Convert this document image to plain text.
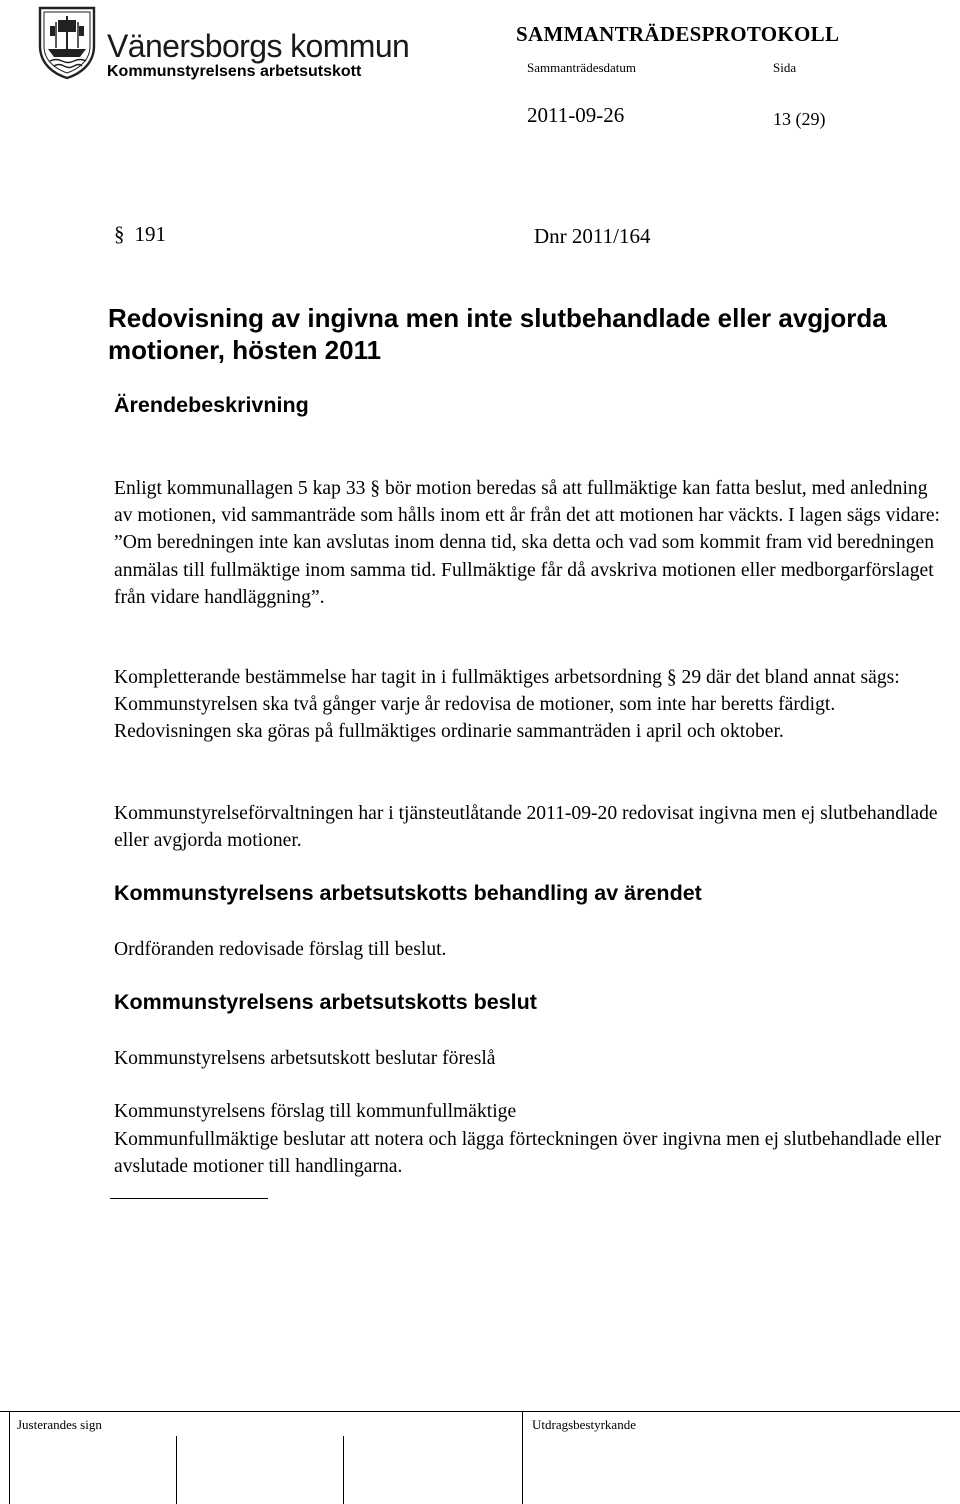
Vänersborgs kommun
Kommunstyrelsens arbetsutskott
SAMMANTRÄDESPROTOKOLL
Sammanträdesdatum	Sida
2011-09-26	13 (29)
§ 191	Dnr 2011/164
Redovisning av ingivna men inte slutbehandlade eller avgjorda motioner, hösten 2011
Ärendebeskrivning
Enligt kommunallagen 5 kap 33 § bör motion beredas så att fullmäktige kan fatta beslut, med anledning av motionen, vid sammanträde som hålls inom ett år från det att motionen har väckts. I lagen sägs vidare: ”Om beredningen inte kan avslutas inom denna tid, ska detta och vad som kommit fram vid beredningen anmälas till fullmäktige inom samma tid. Fullmäktige får då avskriva motionen eller medborgarförslaget från vidare handläggning”.
Kompletterande bestämmelse har tagit in i fullmäktiges arbetsordning § 29 där det bland annat sägs: Kommunstyrelsen ska två gånger varje år redovisa de motioner, som inte har beretts färdigt. Redovisningen ska göras på fullmäktiges ordinarie sammanträden i april och oktober.
Kommunstyrelseförvaltningen har i tjänsteutlåtande 2011-09-20 redovisat ingivna men ej slutbehandlade eller avgjorda motioner.
Kommunstyrelsens arbetsutskotts behandling av ärendet
Ordföranden redovisade förslag till beslut.
Kommunstyrelsens arbetsutskotts beslut
Kommunstyrelsens arbetsutskott beslutar föreslå
Kommunstyrelsens förslag till kommunfullmäktige
Kommunfullmäktige beslutar att notera och lägga förteckningen över ingivna men ej slutbehandlade eller avslutade motioner till handlingarna.
Justerandes sign	Utdragsbestyrkande
